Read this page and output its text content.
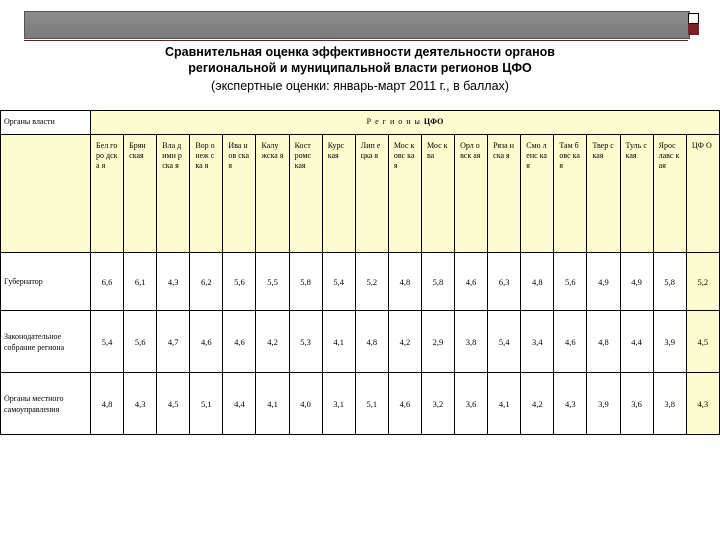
Сравнительная оценка эффективности деятельности органов
региональной и муниципальной власти регионов ЦФО
(экспертные оценки: январь-март 2011 г., в баллах)
Органы власти	Р е г и о н ы ЦФО																		
	Бел горо дска я	Брян ская	Вла дими рска я	Вор онеж ска я	Ива нов ская	Калу жска я	Кост ромс кая	Курс кая	Лип ецка я	Мос ковс кая	Мос ква	Орл овск ая	Ряза нска я	Смо ленс кая	Там бовс кая	Твер ская	Туль ская	Ярос лавс кая	ЦФ О
Губернатор	6,6	6,1	4,3	6,2	5,6	5,5	5,8	5,4	5,2	4,8	5,8	4,6	6,3	4,8	5,6	4,9	4,9	5,8	5,2
Законодательное собрание региона	5,4	5,6	4,7	4,6	4,6	4,2	5,3	4,1	4,8	4,2	2,9	3,8	5,4	3,4	4,6	4,8	4,4	3,9	4,5
Органы местного самоуправления	4,8	4,3	4,5	5,1	4,4	4,1	4,0	3,1	5,1	4,6	3,2	3,6	4,1	4,2	4,3	3,9	3,6	3,8	4,3
